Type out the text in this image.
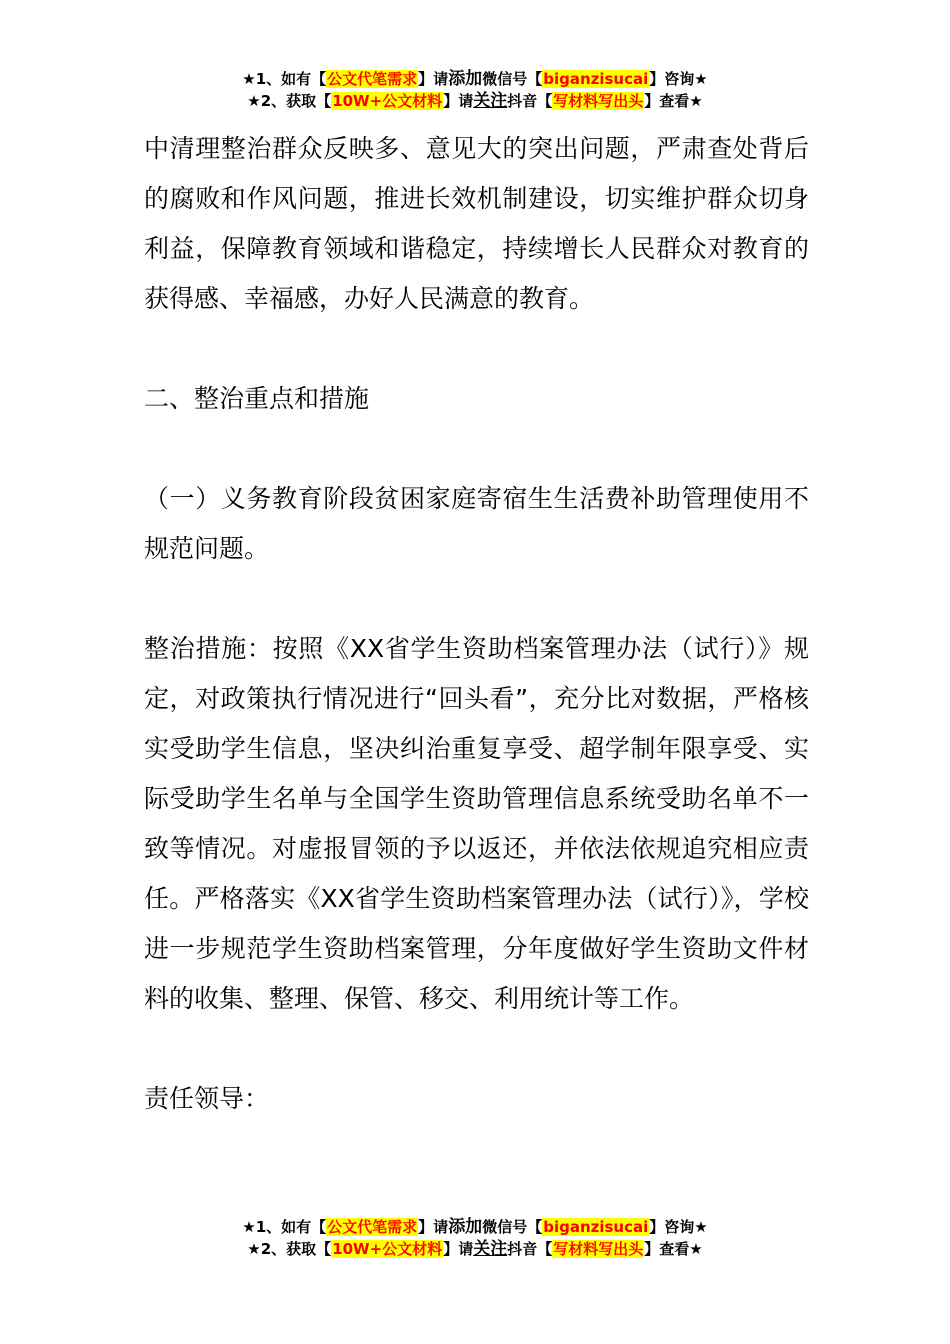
★1、如有【公文代笔需求】请添加微信号【biganzisucai】咨询★
★2、获取【10W+公文材料】请关注抖音【写材料写出头】查看★

中清理整治群众反映多、意见大的突出问题，严肃查处背后的腐败和作风问题，推进长效机制建设，切实维护群众切身利益，保障教育领域和谐稳定，持续增长人民群众对教育的获得感、幸福感，办好人民满意的教育。

二、整治重点和措施

（一）义务教育阶段贫困家庭寄宿生生活费补助管理使用不规范问题。

整治措施：按照《XX省学生资助档案管理办法（试行）》规定，对政策执行情况进行“回头看”，充分比对数据，严格核实受助学生信息，坚决纠治重复享受、超学制年限享受、实际受助学生名单与全国学生资助管理信息系统受助名单不一致等情况。对虚报冒领的予以返还，并依法依规追究相应责任。严格落实《XX省学生资助档案管理办法（试行）》，学校进一步规范学生资助档案管理，分年度做好学生资助文件材料的收集、整理、保管、移交、利用统计等工作。

责任领导：

★1、如有【公文代笔需求】请添加微信号【biganzisucai】咨询★
★2、获取【10W+公文材料】请关注抖音【写材料写出头】查看★
